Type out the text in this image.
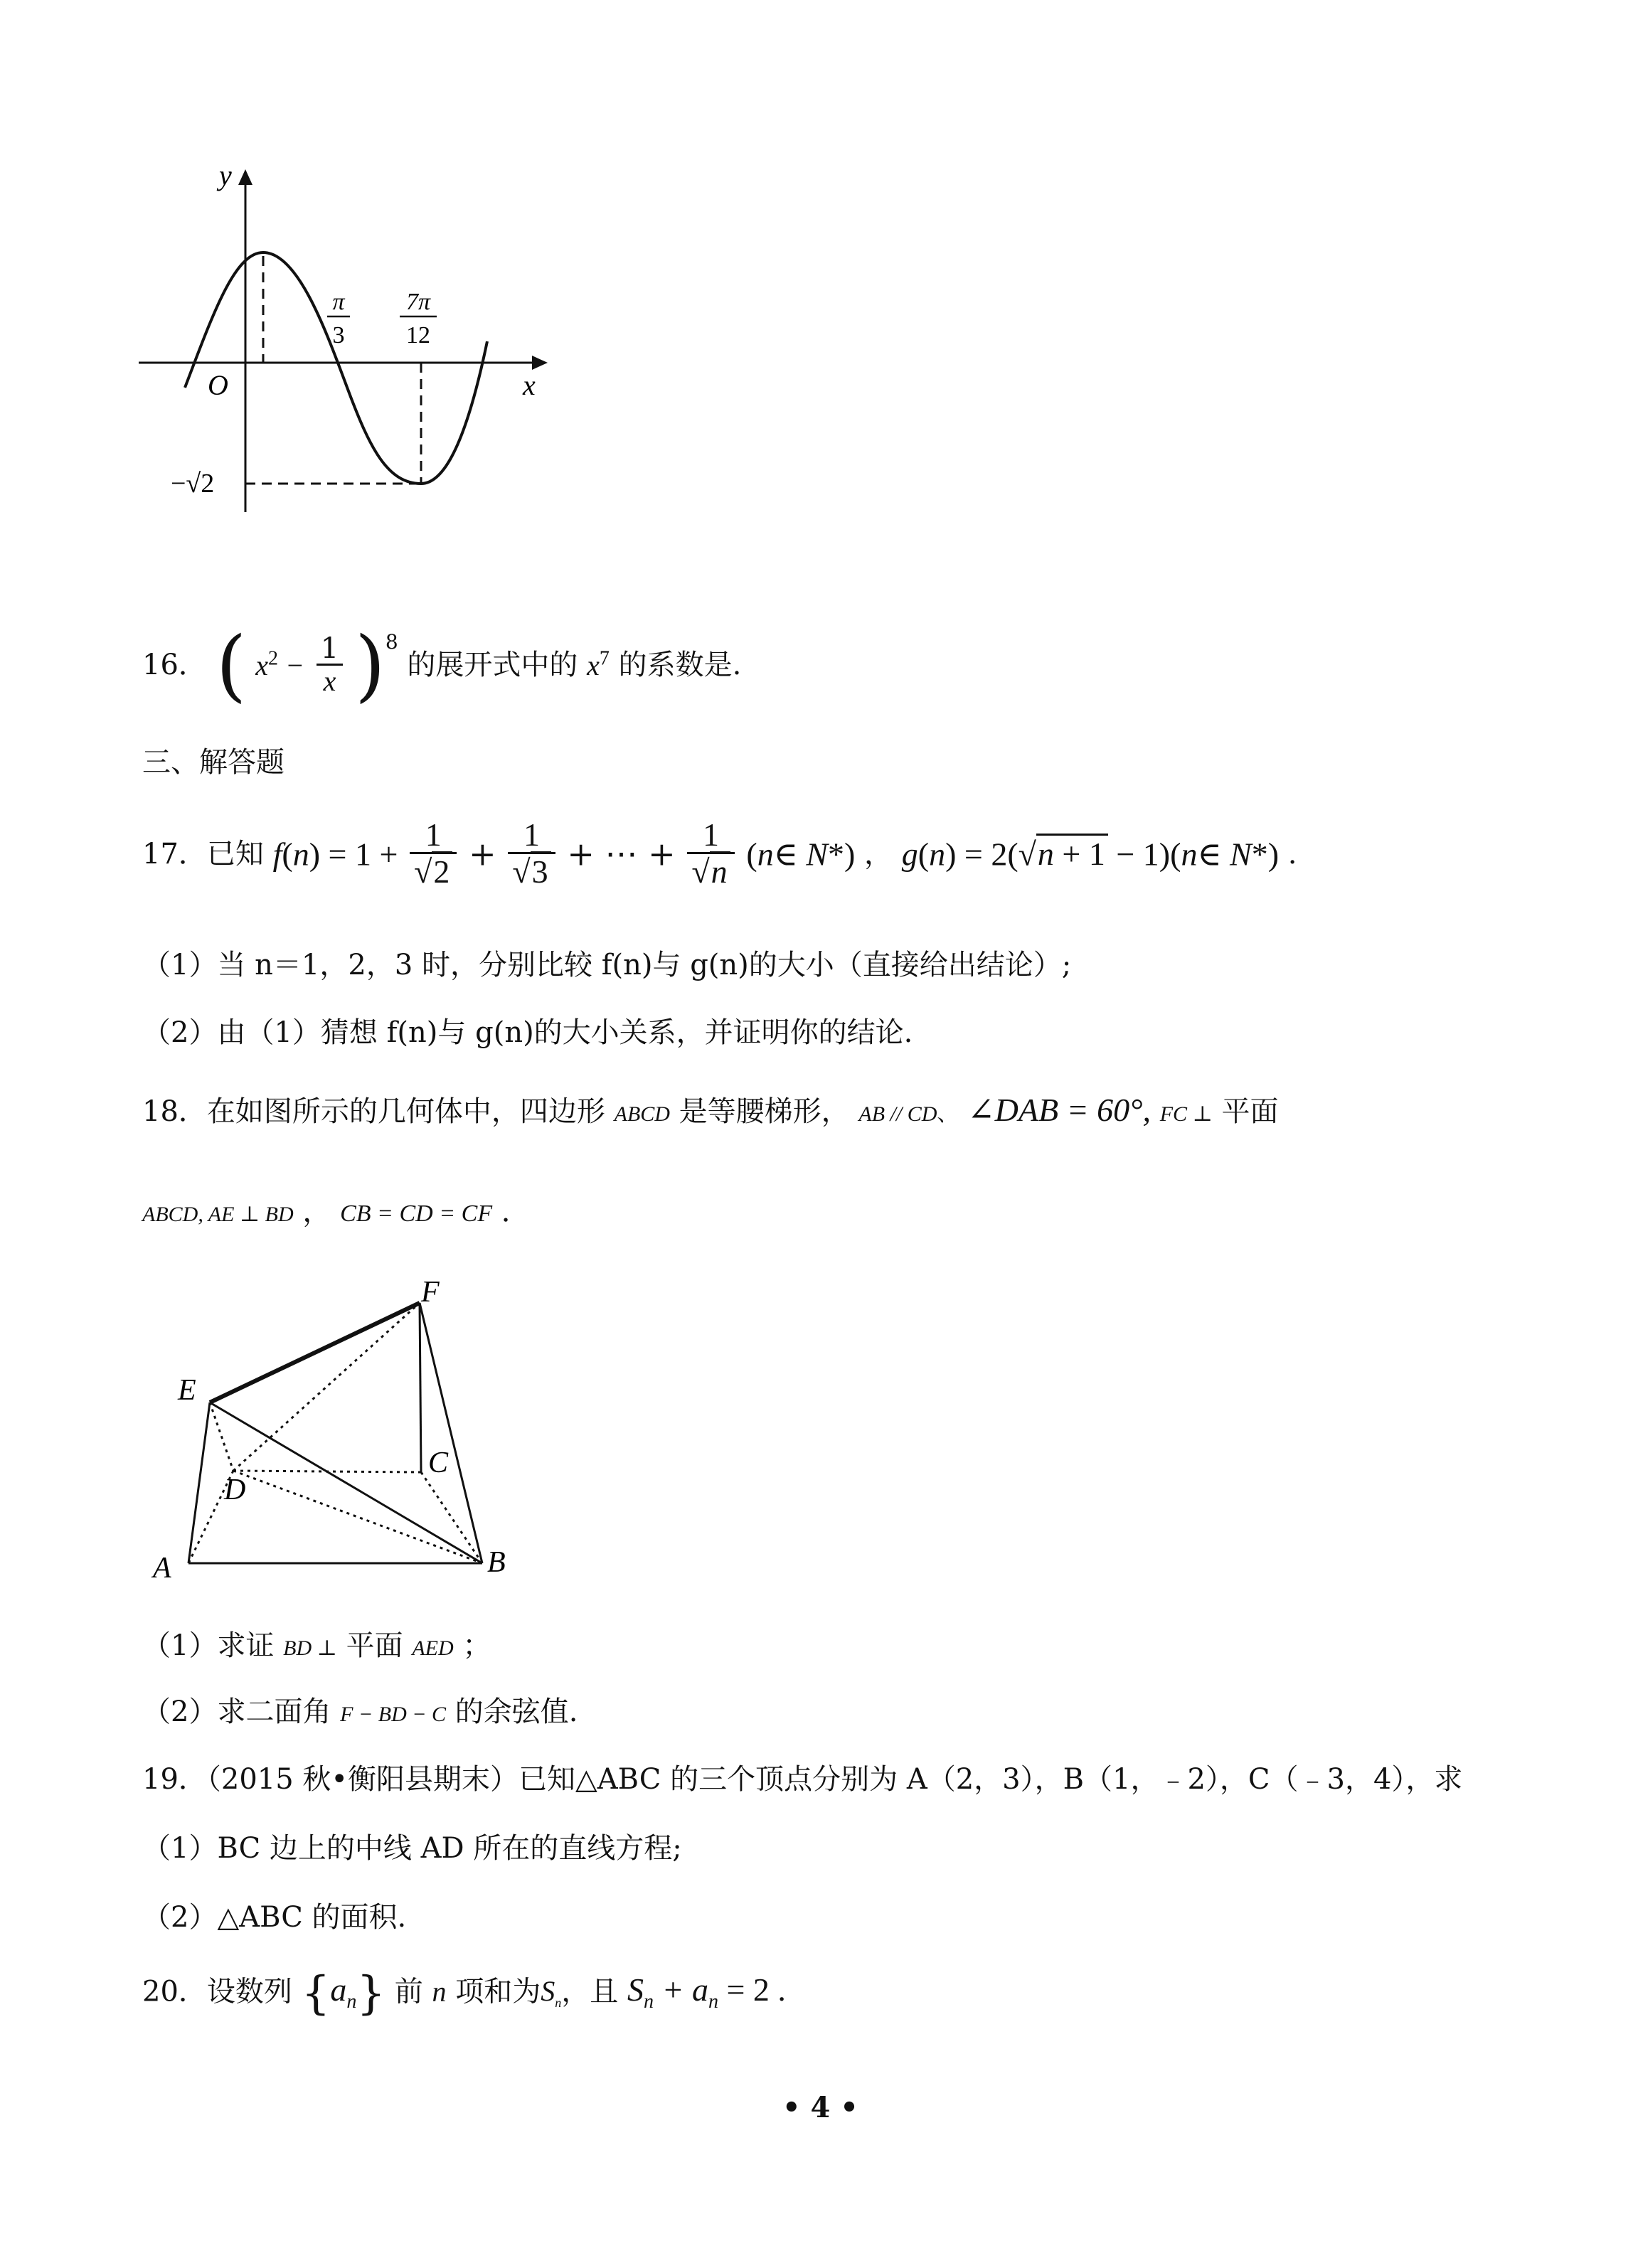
y
x
O
π
3
7π
12
−√2
16． ( $x^2 - \frac{1}{x} )^8$ 的展开式中的 $x^7$ 的系数是.
三、解答题
17．已知 $f(n) = 1 + \frac{1}{√2} + \frac{1}{√3}$ + ⋯ + $\frac{1}{√n}$ (n∈ N*) ， g(n) = 2(√n + 1 − 1)(n∈ N*) .
（1）当 n＝1，2，3 时，分别比较 f(n)与 g(n)的大小（直接给出结论）;
（2）由（1）猜想 f(n)与 g(n)的大小关系，并证明你的结论.
18．在如图所示的几何体中，四边形 ABCD 是等腰梯形， AB // CD、 ∠DAB = 60°, FC ⊥ 平面
ABCD, AE ⊥ BD ， CB = CD = CF ．
F
E
C
D
A	B
（1）求证 BD ⊥ 平面 AED ；
（2）求二面角 F − BD − C 的余弦值.
19．（2015 秋•衡阳县期末）已知△ABC 的三个顶点分别为 A（2，3），B（1，﹣2），C（﹣3，4），求
（1）BC 边上的中线 AD 所在的直线方程;
（2）△ABC 的面积.
20．设数列 $\{a_n\}$ 前 n 项和为$S_n$，且 $S_n + a_n = 2$ .
• 4 •
